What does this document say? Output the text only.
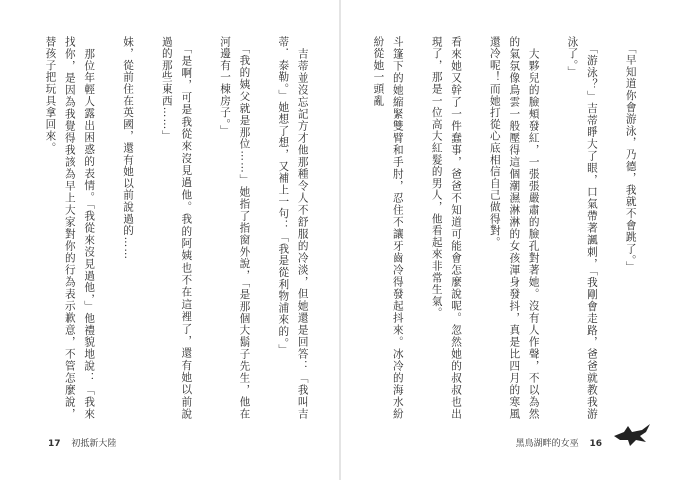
　吉蒂並沒忘記方才他那種令人不舒服的冷淡，但她還是回答：「我叫吉蒂．泰勒。」她想了想，又補上一句：「我是從利物浦來的。」

　「我的姨父就是那位……」她指了指窗外說，「是那個大鬍子先生，他在河邊有一棟房子。」

　「是啊，可是我從來沒見過他。我的阿姨也不在這裡了，還有她以前說過的那些東西……」

妹，從前住在英國，還有她以前說過的……

　那位年輕人露出困惑的表情。「我從來沒見過他，」他禮貌地說：「我來找你，是因為我覺得我該為早上大家對你的行為表示歉意，不管怎麼說，替孩子把玩具拿回來。	

　「早知道你會游泳，乃德，我就不會跳了。」

　「游泳？」吉蒂睜大了眼，口氣帶著諷刺，「我剛會走路，爸爸就教我游泳了。」

　大夥兒的臉頰發紅，一張張嚴肅的臉孔對著她。沒有人作聲，不以為然的氣氛像鳥雲一般壓得這個潮濕淋淋的女孩渾身發抖，真是比四月的寒風還冷呢！而她打從心底相信自己做得對。

看來她又幹了一件蠢事，爸爸不知道可能會怎麼說呢。忽然她的叔叔也出現了，那是一位高大紅髮的男人，他看起來非常生氣。

斗篷下的她縮緊雙臂和手肘，忍住不讓牙齒冷得發起抖來。冰冷的海水紛紛從她一頭亂
17 初抵新大陸	黑鳥湖畔的女巫 16
